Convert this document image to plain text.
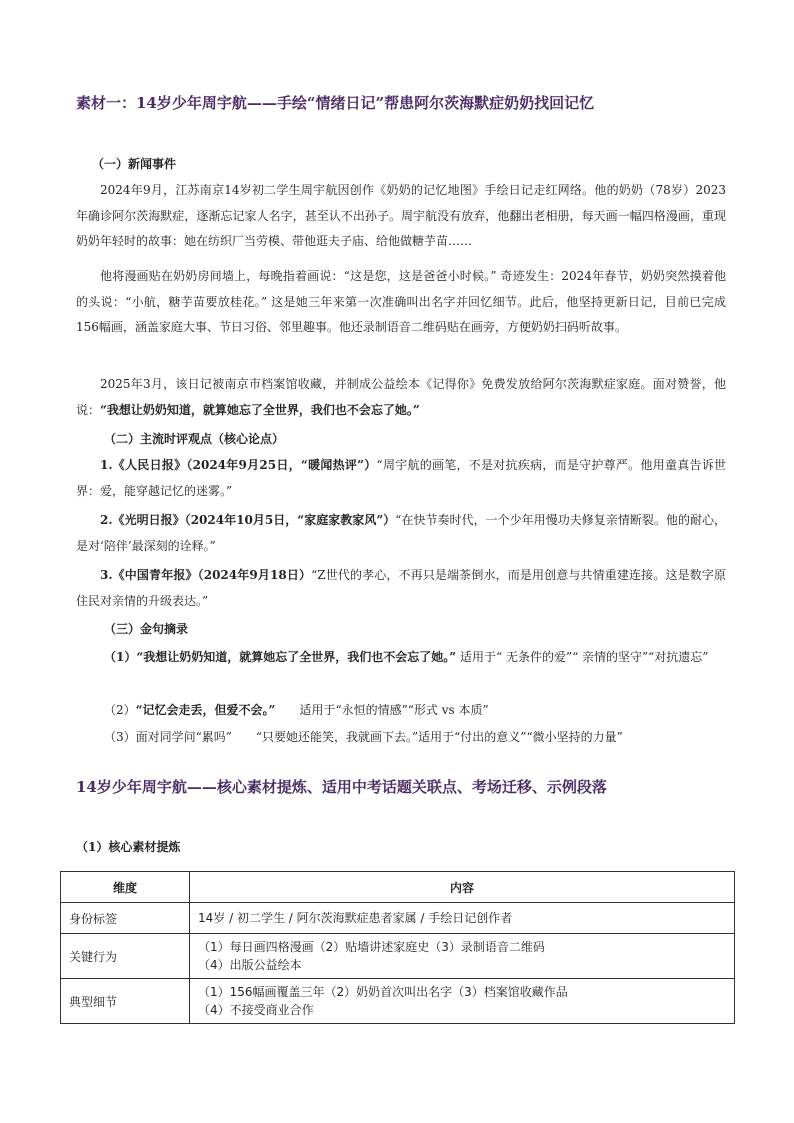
素材一：14岁少年周宇航——手绘“情绪日记”帮患阿尔茨海默症奶奶找回记忆
（一）新闻事件
2024年9月，江苏南京14岁初二学生周宇航因创作《奶奶的记忆地图》手绘日记走红网络。他的奶奶（78岁）2023年确诊阿尔茨海默症，逐渐忘记家人名字，甚至认不出孙子。周宇航没有放弃，他翻出老相册，每天画一幅四格漫画，重现奶奶年轻时的故事：她在纺织厂当劳模、带他逛夫子庙、给他做糖芋苗……
他将漫画贴在奶奶房间墙上，每晚指着画说：“这是您，这是爸爸小时候。” 奇迹发生：2024年春节，奶奶突然摸着他的头说：“小航，糖芋苗要放桂花。” 这是她三年来第一次准确叫出名字并回忆细节。此后，他坚持更新日记，目前已完成156幅画，涵盖家庭大事、节日习俗、邻里趣事。他还录制语音二维码贴在画旁，方便奶奶扫码听故事。
2025年3月，该日记被南京市档案馆收藏，并制成公益绘本《记得你》免费发放给阿尔茨海默症家庭。面对赞誉，他说：“我想让奶奶知道，就算她忘了全世界，我们也不会忘了她。”
（二）主流时评观点（核心论点）
1.《人民日报》（2024年9月25日，“暖闻热评”）“周宇航的画笔，不是对抗疾病，而是守护尊严。他用童真告诉世界：爱，能穿越记忆的迷雾。”
2.《光明日报》（2024年10月5日，“家庭家教家风”）“在快节奏时代，一个少年用慢功夫修复亲情断裂。他的耐心，是对‘陪伴’最深刻的诠释。”
3.《中国青年报》（2024年9月18日）“Z世代的孝心，不再只是端茶倒水，而是用创意与共情重建连接。这是数字原住民对亲情的升级表达。”
（三）金句摘录
（1）“我想让奶奶知道，就算她忘了全世界，我们也不会忘了她。” 适用于“ 无条件的爱”“ 亲情的坚守”“对抗遗忘”
（2）“记忆会走丢，但爱不会。”　　 适用于“永恒的情感”“形式 vs 本质”
（3）面对同学问“累吗”　　“只要她还能笑，我就画下去。”适用于“付出的意义”“微小坚持的力量”
14岁少年周宇航——核心素材提炼、适用中考话题关联点、考场迁移、示例段落
（1）核心素材提炼
维度	内容
身份标签	14岁 / 初二学生 / 阿尔茨海默症患者家属 / 手绘日记创作者

关键行为	（1）每日画四格漫画（2）贴墙讲述家庭史（3）录制语音二维码
（4）出版公益绘本

典型细节	（1）156幅画覆盖三年（2）奶奶首次叫出名字（3）档案馆收藏作品
（4）不接受商业合作
